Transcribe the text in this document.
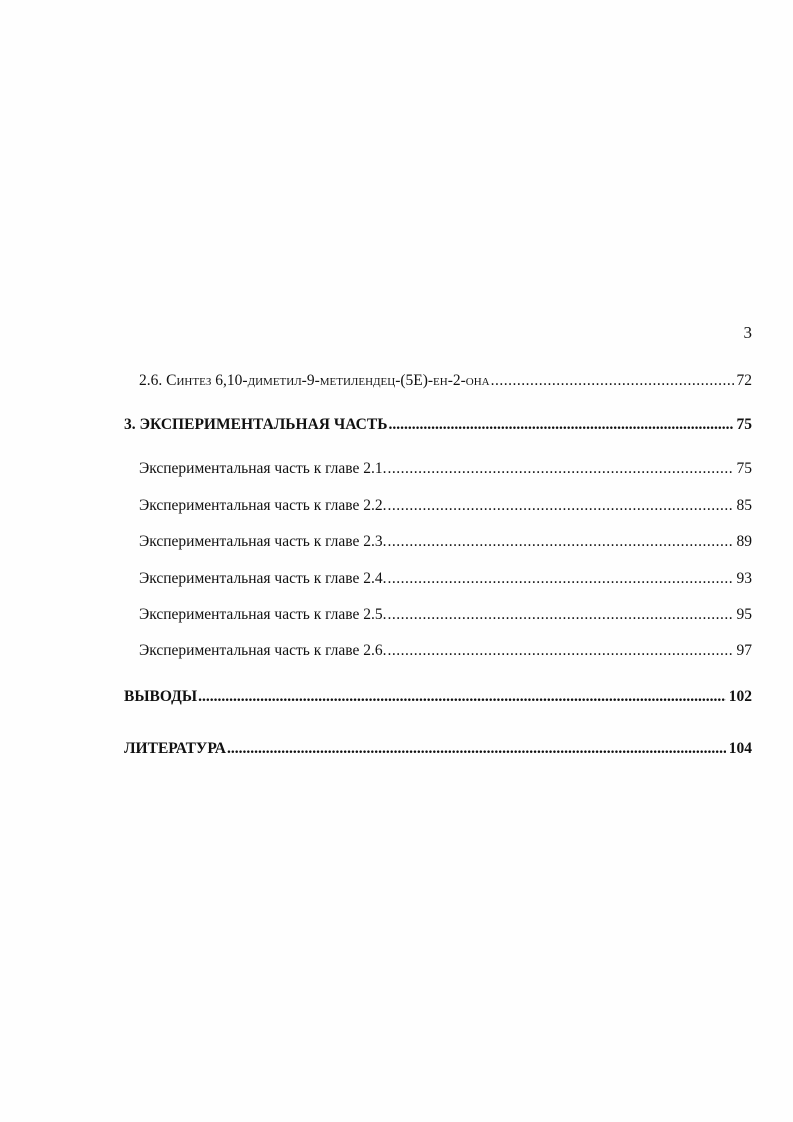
3
2.6. Синтез 6,10-диметил-9-метилендец-(5E)-ен-2-она .....	72
3. ЭКСПЕРИМЕНТАЛЬНАЯ ЧАСТЬ .....	75
Экспериментальная часть к главе 2.1. .....	75
Экспериментальная часть к главе 2.2. .....	85
Экспериментальная часть к главе 2.3. .....	89
Экспериментальная часть к главе 2.4. .....	93
Экспериментальная часть к главе 2.5. .....	95
Экспериментальная часть к главе 2.6. .....	97
ВЫВОДЫ .....	102
ЛИТЕРАТУРА .....	104
